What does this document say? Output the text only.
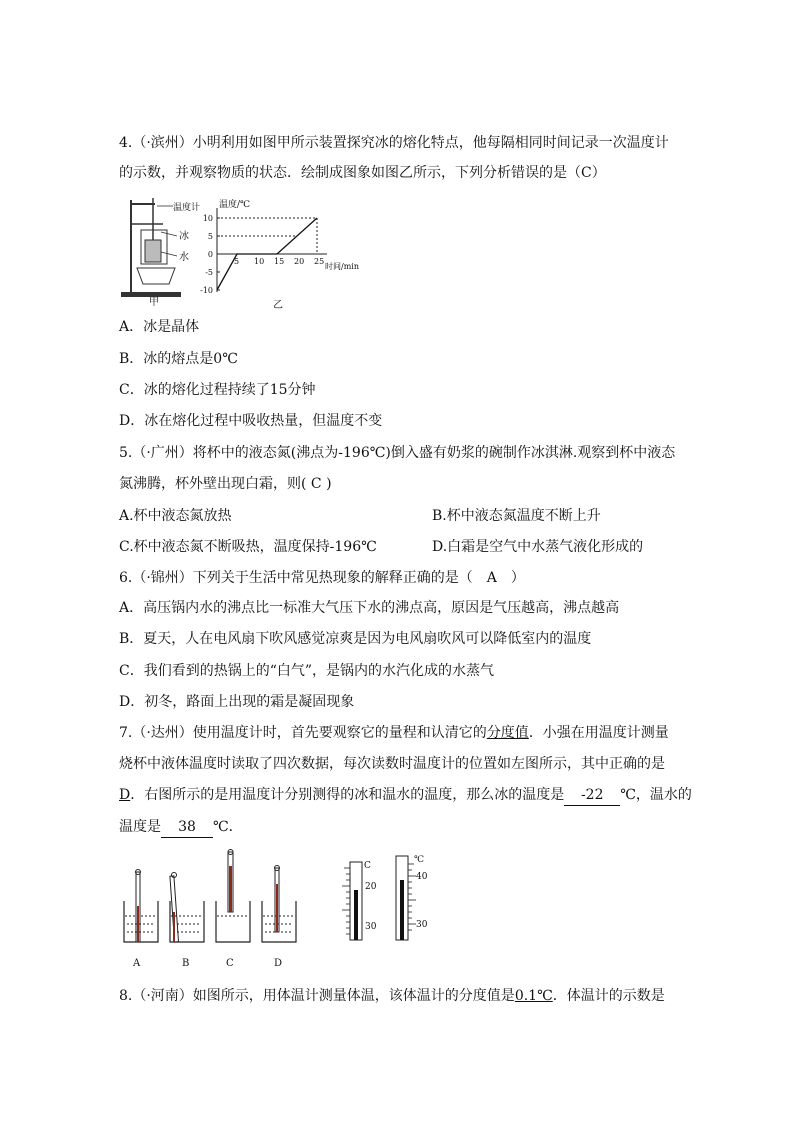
4.（·滨州）小明利用如图甲所示装置探究冰的熔化特点，他每隔相同时间记录一次温度计
的示数，并观察物质的状态．绘制成图象如图乙所示，下列分析错误的是（C）
温度计
冰
水
甲
5 10 15 20 25
10
5
0
-5
-10
温度/℃
时间/min
乙
A．冰是晶体
B．冰的熔点是0℃
C．冰的熔化过程持续了15分钟
D．冰在熔化过程中吸收热量，但温度不变
5.（·广州）将杯中的液态氮(沸点为-196℃)倒入盛有奶浆的碗制作冰淇淋.观察到杯中液态
氮沸腾，杯外壁出现白霜，则( C )
A.杯中液态氮放热	B.杯中液态氮温度不断上升
C.杯中液态氮不断吸热，温度保持-196℃	D.白霜是空气中水蒸气液化形成的
6.（·锦州）下列关于生活中常见热现象的解释正确的是（　A　）
A．高压锅内水的沸点比一标准大气压下水的沸点高，原因是气压越高，沸点越高
B．夏天，人在电风扇下吹风感觉凉爽是因为电风扇吹风可以降低室内的温度
C．我们看到的热锅上的“白气”，是锅内的水汽化成的水蒸气
D．初冬，路面上出现的霜是凝固现象
7.（·达州）使用温度计时，首先要观察它的量程和认清它的分度值．小强在用温度计测量
烧杯中液体温度时读取了四次数据，每次读数时温度计的位置如左图所示，其中正确的是
D．右图所示的是用温度计分别测得的冰和温水的温度，那么冰的温度是 -22 ℃，温水的
温度是 38 ℃．
A	B	C	D
C
20
30
℃
40
30
8.（·河南）如图所示，用体温计测量体温，该体温计的分度值是0.1℃．体温计的示数是
